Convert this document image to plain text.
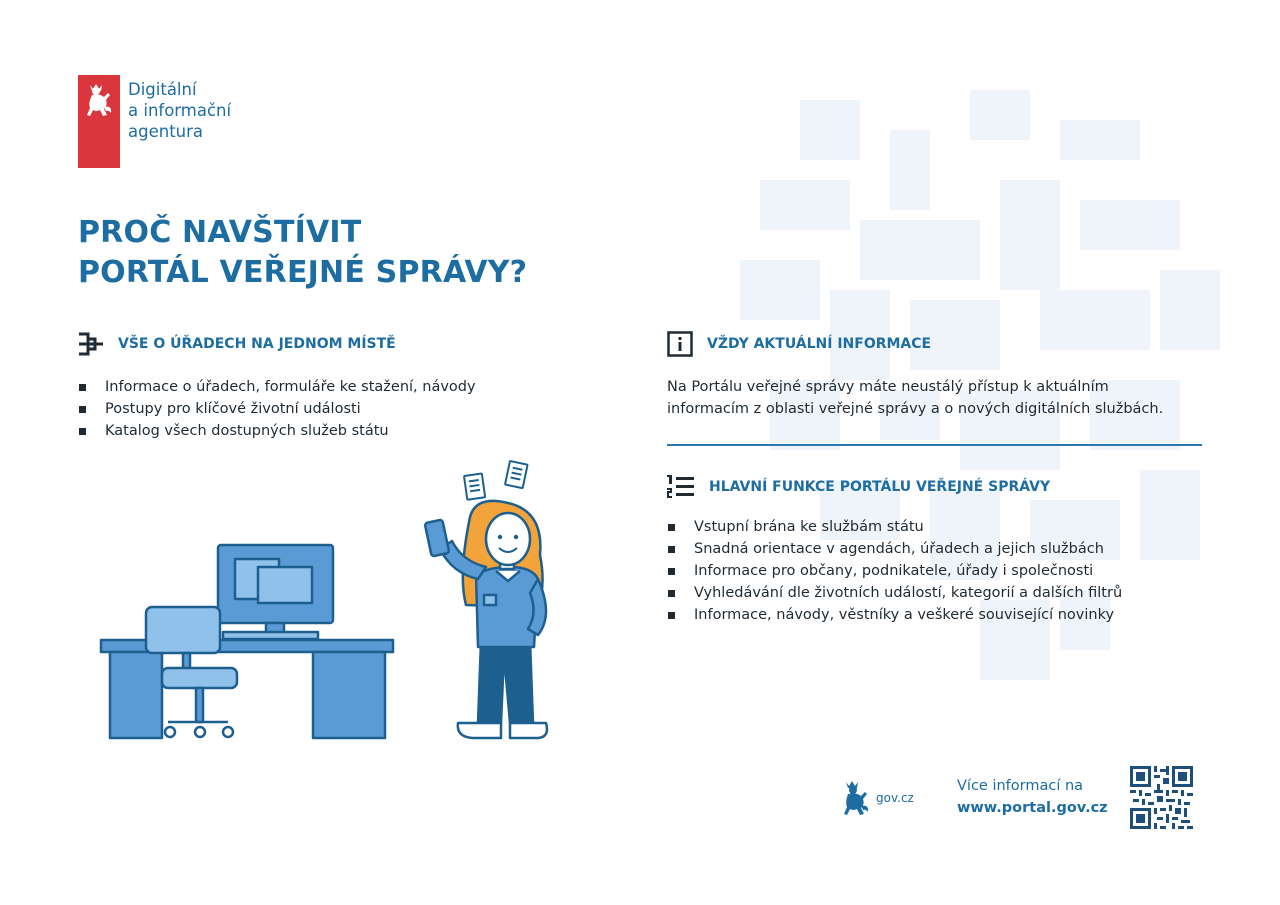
Digitální
a informační
agentura
PROČ NAVŠTÍVIT
PORTÁL VEŘEJNÉ SPRÁVY?
VŠE O ÚŘADECH NA JEDNOM MÍSTĚ
Informace o úřadech, formuláře ke stažení, návody
Postupy pro klíčové životní události
Katalog všech dostupných služeb státu
VŽDY AKTUÁLNÍ INFORMACE
Na Portálu veřejné správy máte neustálý přístup k aktuálním
informacím z oblasti veřejné správy a o nových digitálních službách.
HLAVNÍ FUNKCE PORTÁLU VEŘEJNÉ SPRÁVY
Vstupní brána ke službám státu
Snadná orientace v agendách, úřadech a jejich službách
Informace pro občany, podnikatele, úřady i společnosti
Vyhledávání dle životních událostí, kategorií a dalších filtrů
Informace, návody, věstníky a veškeré související novinky
gov.cz
Více informací na
www.portal.gov.cz
